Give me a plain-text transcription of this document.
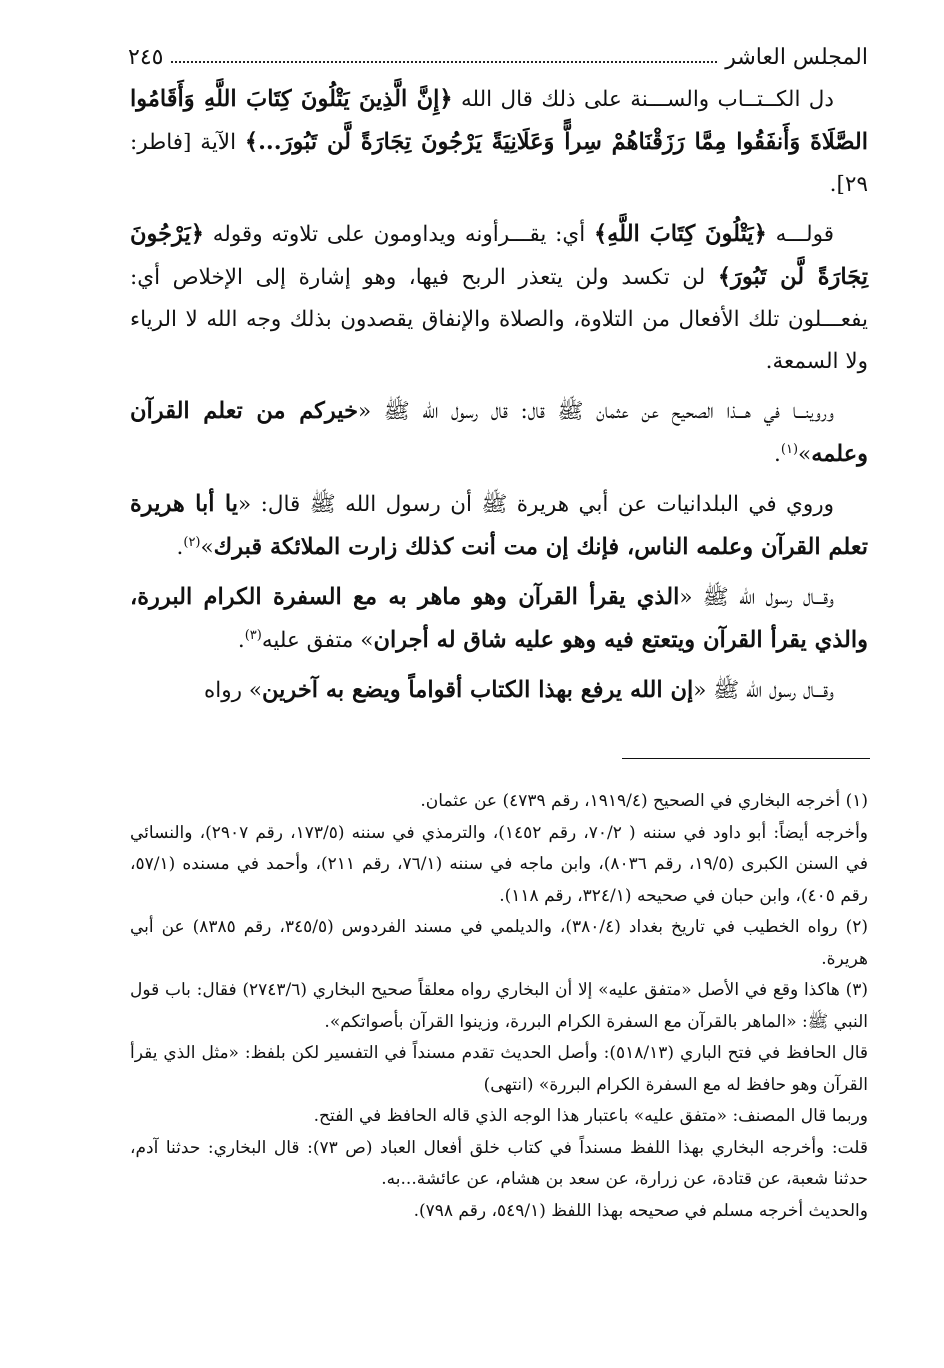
المجلس العاشر
٢٤٥

دل الكــتــاب والســـنة على ذلك قال الله ﴿إِنَّ الَّذِينَ يَتْلُونَ كِتَابَ اللَّهِ وَأَقَامُوا الصَّلَاةَ وَأَنفَقُوا مِمَّا رَزَقْنَاهُمْ سِراًّ وَعَلَانِيَةً يَرْجُونَ تِجَارَةً لَّن تَبُورَ...﴾ الآية [فاطر: ٢٩].

قولـــه ﴿يَتْلُونَ كِتَابَ اللَّهِ﴾ أي: يقـــرأونه ويداومون على تلاوته وقوله ﴿يَرْجُونَ تِجَارَةً لَّن تَبُورَ﴾ لن تكسد ولن يتعذر الربح فيها، وهو إشارة إلى الإخلاص أي: يفعـــلون تلك الأفعال من التلاوة، والصلاة والإنفاق يقصدون بذلك وجه الله لا الرياء ولا السمعة.

وروينـــا في هـــذا الصحيح عن عثمان ﷺ قال: قال رسول الله ﷺ «خيركم من تعلم القرآن وعلمه»$^{(١)}$.

وروي في البلدانيات عن أبي هريرة ﷺ أن رسول الله ﷺ قال: «يا أبا هريرة تعلم القرآن وعلمه الناس، فإنك إن مت أنت كذلك زارت الملائكة قبرك»$^{(٢)}$.

وقـــال رسول الله ﷺ «الذي يقرأ القرآن وهو ماهر به مع السفرة الكرام البررة، والذي يقرأ القرآن ويتعتع فيه وهو عليه شاق له أجران» متفق عليه$^{(٣)}$.

وقـــال رسول الله ﷺ «إن الله يرفع بهذا الكتاب أقواماً ويضع به آخرين» رواه

(١) أخرجه البخاري في الصحيح (١٩١٩/٤، رقم ٤٧٣٩) عن عثمان.

وأخرجه أيضاً: أبو داود في سننه ( ٧٠/٢، رقم ١٤٥٢)، والترمذي في سننه (١٧٣/٥، رقم ٢٩٠٧)، والنسائي في السنن الكبرى (١٩/٥، رقم ٨٠٣٦)، وابن ماجه في سننه (٧٦/١، رقم ٢١١)، وأحمد في مسنده (٥٧/١، رقم ٤٠٥)، وابن حبان في صحيحه (٣٢٤/١، رقم ١١٨).

(٢) رواه الخطيب في تاريخ بغداد (٣٨٠/٤)، والديلمي في مسند الفردوس (٣٤٥/٥، رقم ٨٣٨٥) عن أبي هريرة.

(٣) هاكذا وقع في الأصل «متفق عليه» إلا أن البخاري رواه معلقاً صحيح البخاري (٢٧٤٣/٦) فقال: باب قول النبي ﷺ: «الماهر بالقرآن مع السفرة الكرام البررة، وزينوا القرآن بأصواتكم».

قال الحافظ في فتح الباري (٥١٨/١٣): وأصل الحديث تقدم مسنداً في التفسير لكن بلفظ: «مثل الذي يقرأ القرآن وهو حافظ له مع السفرة الكرام البررة» (انتهى)

وربما قال المصنف: «متفق عليه» باعتبار هذا الوجه الذي قاله الحافظ في الفتح.

قلت: وأخرجه البخاري بهذا اللفظ مسنداً في كتاب خلق أفعال العباد (ص ٧٣): قال البخاري: حدثنا آدم، حدثنا شعبة، عن قتادة، عن زرارة، عن سعد بن هشام، عن عائشة...به.

والحديث أخرجه مسلم في صحيحه بهذا اللفظ (٥٤٩/١، رقم ٧٩٨).
